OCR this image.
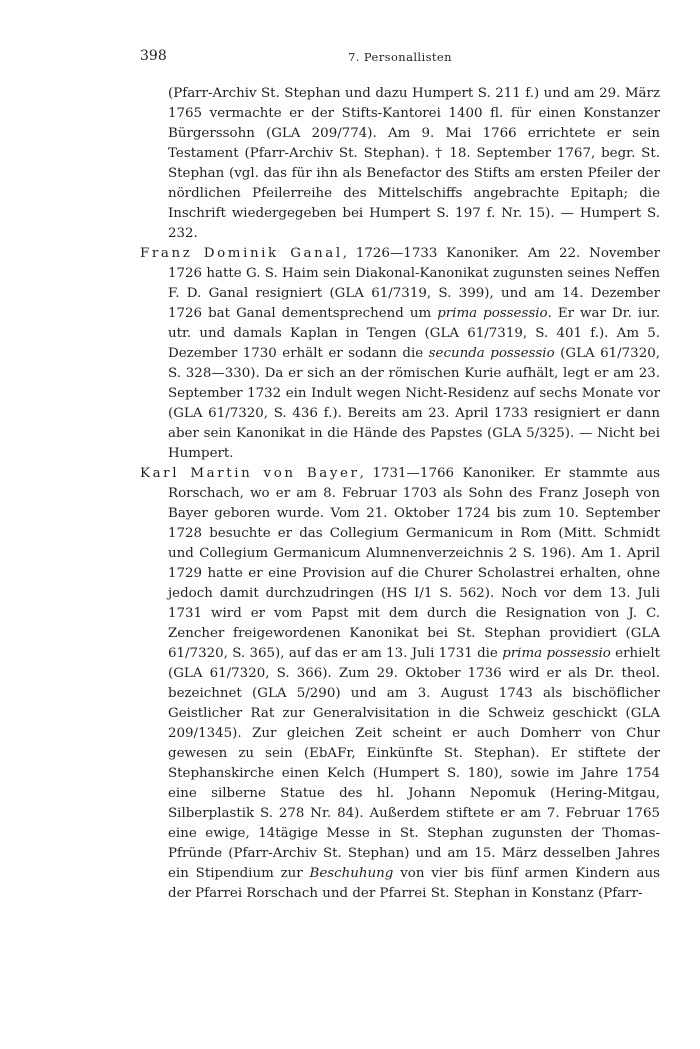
398	7. Personallisten

(Pfarr-Archiv St. Stephan und dazu Humpert S. 211 f.) und am 29. März 1765 vermachte er der Stifts-Kantorei 1400 fl. für einen Konstanzer Bürgerssohn (GLA 209/774). Am 9. Mai 1766 errichtete er sein Testament (Pfarr-Archiv St. Stephan). † 18. September 1767, begr. St. Stephan (vgl. das für ihn als Benefactor des Stifts am ersten Pfeiler der nördlichen Pfeilerreihe des Mittelschiffs angebrachte Epitaph; die Inschrift wiedergegeben bei Humpert S. 197 f. Nr. 15). — Humpert S. 232.

Franz Dominik Ganal, 1726—1733 Kanoniker. Am 22. November 1726 hatte G. S. Haim sein Diakonal-Kanonikat zugunsten seines Neffen F. D. Ganal resigniert (GLA 61/7319, S. 399), und am 14. Dezember 1726 bat Ganal dementsprechend um prima possessio. Er war Dr. iur. utr. und damals Kaplan in Tengen (GLA 61/7319, S. 401 f.). Am 5. Dezember 1730 erhält er sodann die secunda possessio (GLA 61/7320, S. 328—330). Da er sich an der römischen Kurie aufhält, legt er am 23. September 1732 ein Indult wegen Nicht-Residenz auf sechs Monate vor (GLA 61/7320, S. 436 f.). Bereits am 23. April 1733 resigniert er dann aber sein Kanonikat in die Hände des Papstes (GLA 5/325). — Nicht bei Humpert.

Karl Martin von Bayer, 1731—1766 Kanoniker. Er stammte aus Rorschach, wo er am 8. Februar 1703 als Sohn des Franz Joseph von Bayer geboren wurde. Vom 21. Oktober 1724 bis zum 10. September 1728 besuchte er das Collegium Germanicum in Rom (Mitt. Schmidt und Collegium Germanicum Alumnenverzeichnis 2 S. 196). Am 1. April 1729 hatte er eine Provision auf die Churer Scholastrei erhalten, ohne jedoch damit durchzudringen (HS I/1 S. 562). Noch vor dem 13. Juli 1731 wird er vom Papst mit dem durch die Resignation von J. C. Zencher freigewordenen Kanonikat bei St. Stephan providiert (GLA 61/7320, S. 365), auf das er am 13. Juli 1731 die prima possessio erhielt (GLA 61/7320, S. 366). Zum 29. Oktober 1736 wird er als Dr. theol. bezeichnet (GLA 5/290) und am 3. August 1743 als bischöflicher Geistlicher Rat zur Generalvisitation in die Schweiz geschickt (GLA 209/1345). Zur gleichen Zeit scheint er auch Domherr von Chur gewesen zu sein (EbAFr, Einkünfte St. Stephan). Er stiftete der Stephanskirche einen Kelch (Humpert S. 180), sowie im Jahre 1754 eine silberne Statue des hl. Johann Nepomuk (Hering-Mitgau, Silberplastik S. 278 Nr. 84). Außerdem stiftete er am 7. Februar 1765 eine ewige, 14tägige Messe in St. Stephan zugunsten der Thomas-Pfründe (Pfarr-Archiv St. Stephan) und am 15. März desselben Jahres ein Stipendium zur Beschuhung von vier bis fünf armen Kindern aus der Pfarrei Rorschach und der Pfarrei St. Stephan in Konstanz (Pfarr-
